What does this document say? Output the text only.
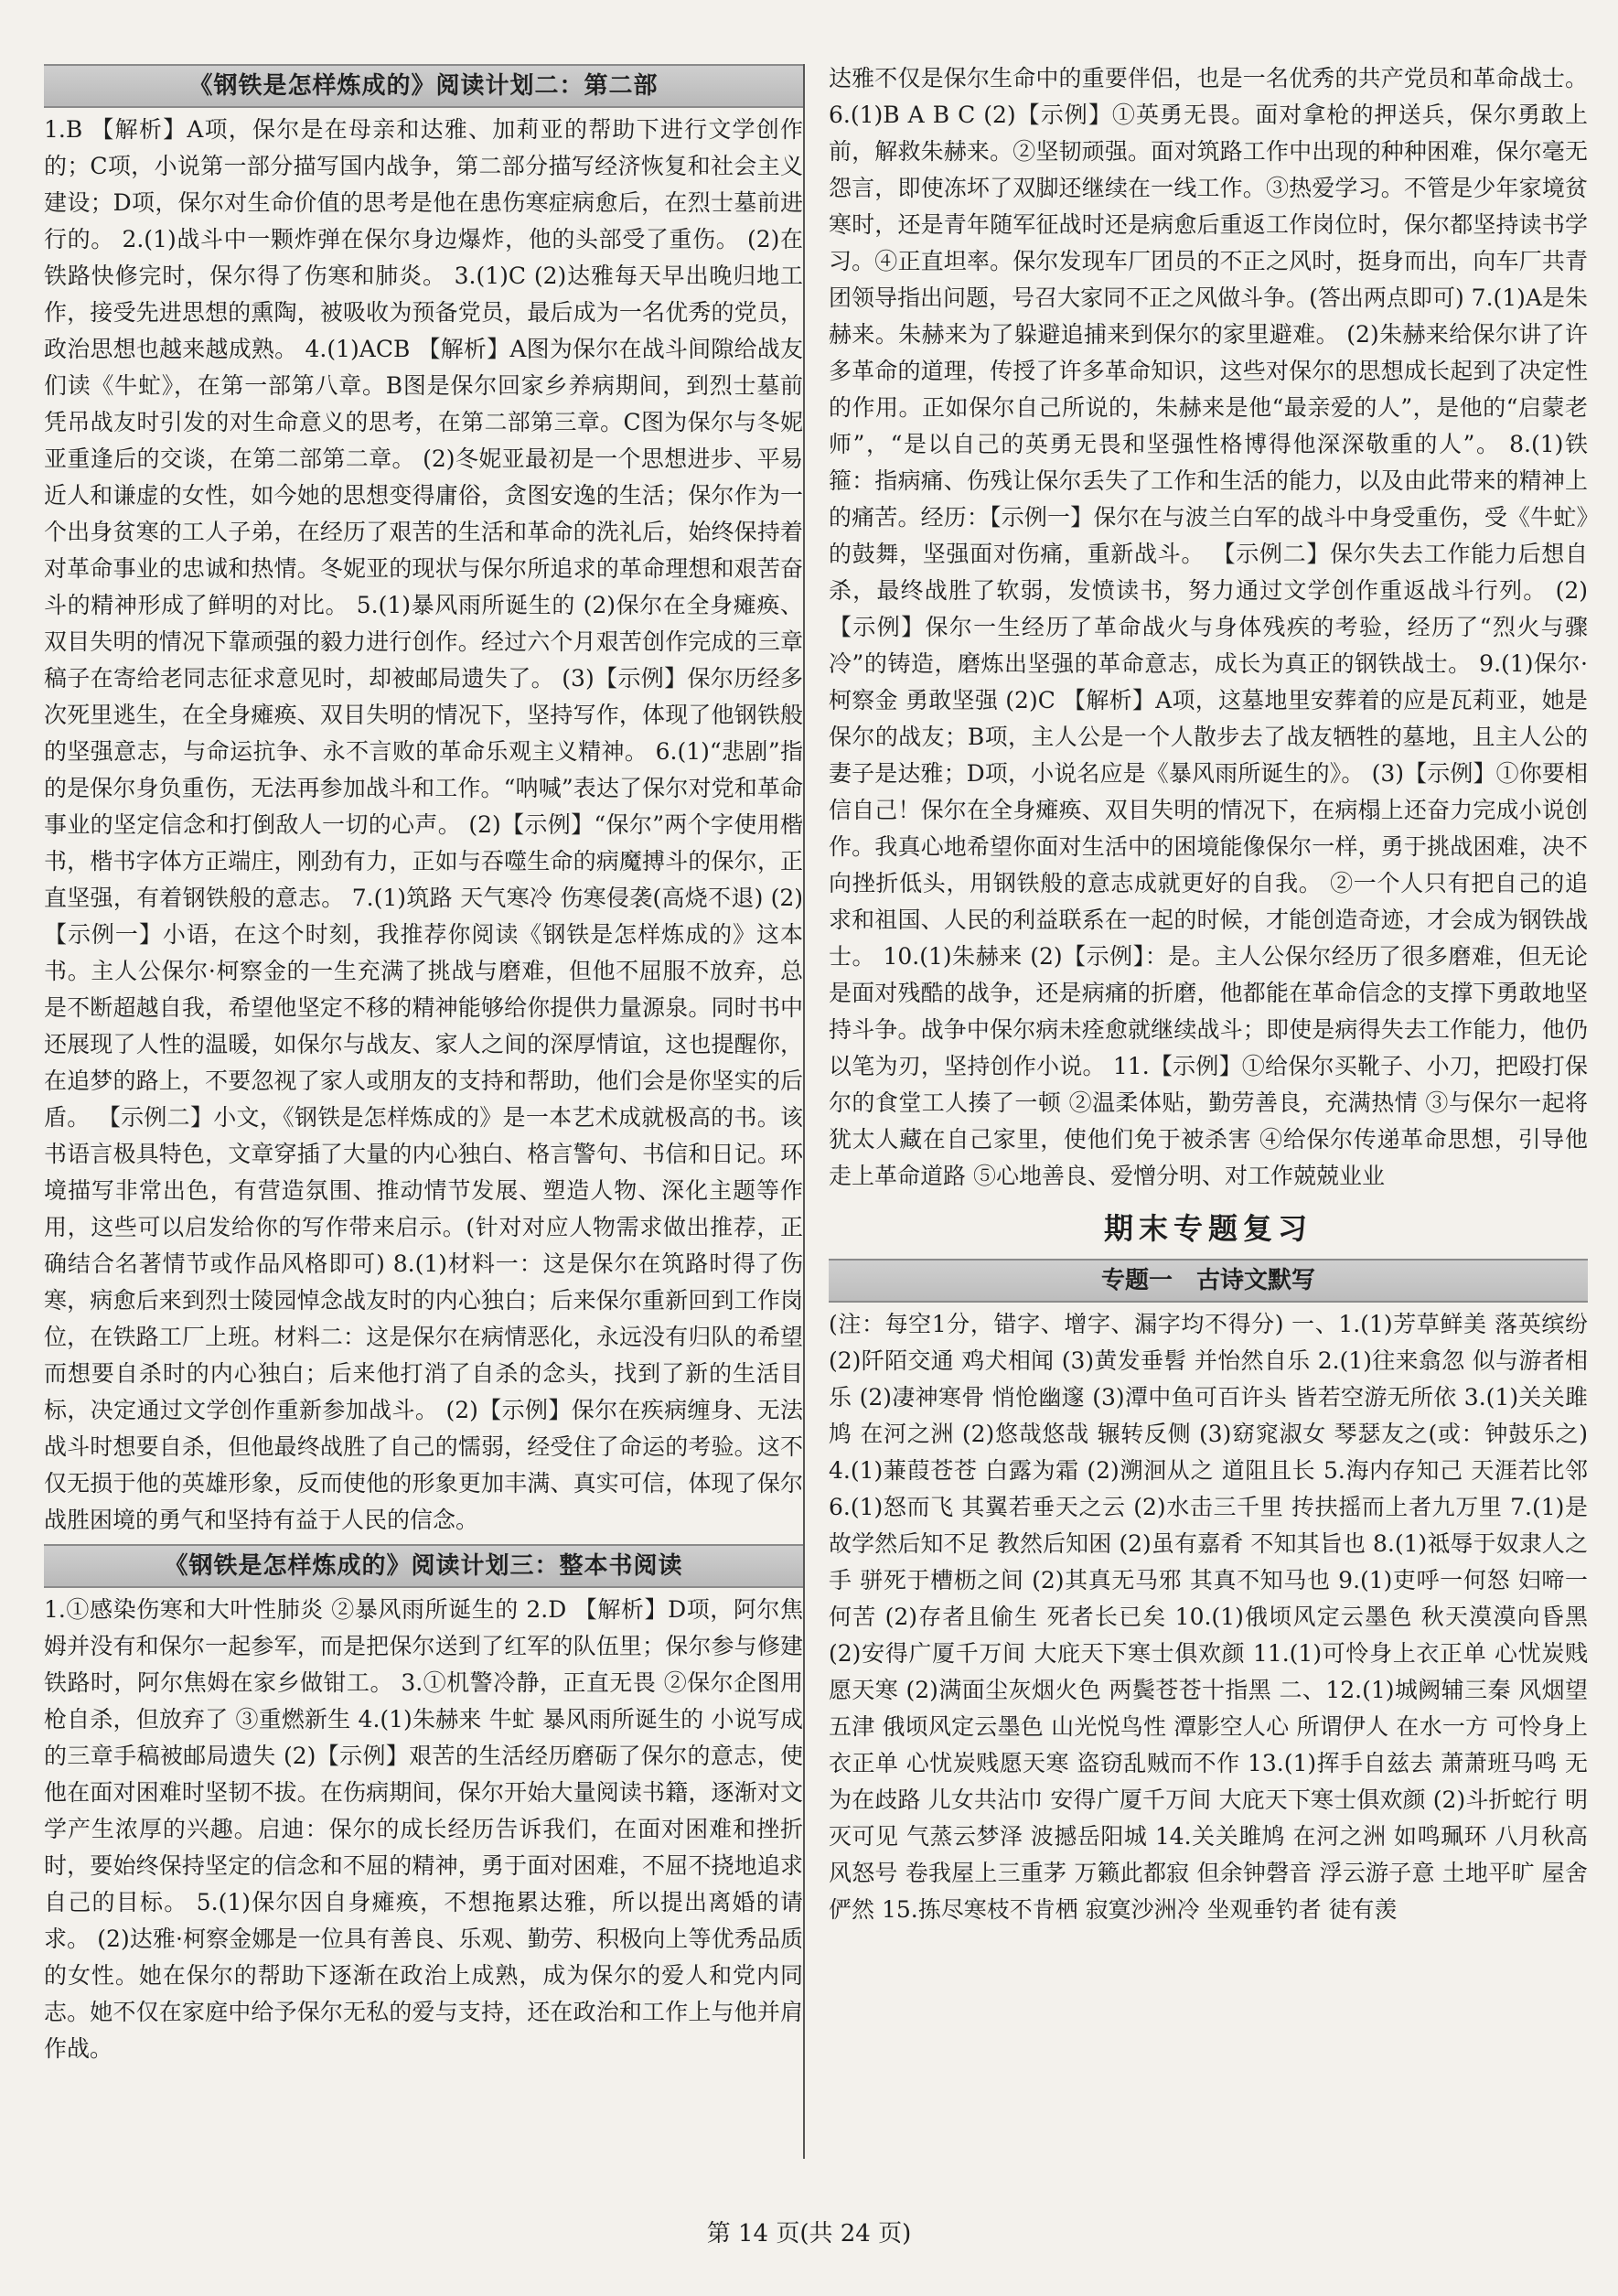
《钢铁是怎样炼成的》阅读计划二：第二部

1.B 【解析】A项，保尔是在母亲和达雅、加莉亚的帮助下进行文学创作的；C项，小说第一部分描写国内战争，第二部分描写经济恢复和社会主义建设；D项，保尔对生命价值的思考是他在患伤寒症病愈后，在烈士墓前进行的。 2.(1)战斗中一颗炸弹在保尔身边爆炸，他的头部受了重伤。 (2)在铁路快修完时，保尔得了伤寒和肺炎。 3.(1)C (2)达雅每天早出晚归地工作，接受先进思想的熏陶，被吸收为预备党员，最后成为一名优秀的党员，政治思想也越来越成熟。 4.(1)ACB 【解析】A图为保尔在战斗间隙给战友们读《牛虻》，在第一部第八章。B图是保尔回家乡养病期间，到烈士墓前凭吊战友时引发的对生命意义的思考，在第二部第三章。C图为保尔与冬妮亚重逢后的交谈，在第二部第二章。 (2)冬妮亚最初是一个思想进步、平易近人和谦虚的女性，如今她的思想变得庸俗，贪图安逸的生活；保尔作为一个出身贫寒的工人子弟，在经历了艰苦的生活和革命的洗礼后，始终保持着对革命事业的忠诚和热情。冬妮亚的现状与保尔所追求的革命理想和艰苦奋斗的精神形成了鲜明的对比。 5.(1)暴风雨所诞生的 (2)保尔在全身瘫痪、双目失明的情况下靠顽强的毅力进行创作。经过六个月艰苦创作完成的三章稿子在寄给老同志征求意见时，却被邮局遗失了。 (3)【示例】保尔历经多次死里逃生，在全身瘫痪、双目失明的情况下，坚持写作，体现了他钢铁般的坚强意志，与命运抗争、永不言败的革命乐观主义精神。 6.(1)“悲剧”指的是保尔身负重伤，无法再参加战斗和工作。“呐喊”表达了保尔对党和革命事业的坚定信念和打倒敌人一切的心声。 (2)【示例】“保尔”两个字使用楷书，楷书字体方正端庄，刚劲有力，正如与吞噬生命的病魔搏斗的保尔，正直坚强，有着钢铁般的意志。 7.(1)筑路 天气寒冷 伤寒侵袭(高烧不退) (2)【示例一】小语，在这个时刻，我推荐你阅读《钢铁是怎样炼成的》这本书。主人公保尔·柯察金的一生充满了挑战与磨难，但他不屈服不放弃，总是不断超越自我，希望他坚定不移的精神能够给你提供力量源泉。同时书中还展现了人性的温暖，如保尔与战友、家人之间的深厚情谊，这也提醒你，在追梦的路上，不要忽视了家人或朋友的支持和帮助，他们会是你坚实的后盾。 【示例二】小文，《钢铁是怎样炼成的》是一本艺术成就极高的书。该书语言极具特色，文章穿插了大量的内心独白、格言警句、书信和日记。环境描写非常出色，有营造氛围、推动情节发展、塑造人物、深化主题等作用，这些可以启发给你的写作带来启示。(针对对应人物需求做出推荐，正确结合名著情节或作品风格即可) 8.(1)材料一：这是保尔在筑路时得了伤寒，病愈后来到烈士陵园悼念战友时的内心独白；后来保尔重新回到工作岗位，在铁路工厂上班。材料二：这是保尔在病情恶化，永远没有归队的希望而想要自杀时的内心独白；后来他打消了自杀的念头，找到了新的生活目标，决定通过文学创作重新参加战斗。 (2)【示例】保尔在疾病缠身、无法战斗时想要自杀，但他最终战胜了自己的懦弱，经受住了命运的考验。这不仅无损于他的英雄形象，反而使他的形象更加丰满、真实可信，体现了保尔战胜困境的勇气和坚持有益于人民的信念。

《钢铁是怎样炼成的》阅读计划三：整本书阅读

1.①感染伤寒和大叶性肺炎 ②暴风雨所诞生的 2.D 【解析】D项，阿尔焦姆并没有和保尔一起参军，而是把保尔送到了红军的队伍里；保尔参与修建铁路时，阿尔焦姆在家乡做钳工。 3.①机警冷静，正直无畏 ②保尔企图用枪自杀，但放弃了 ③重燃新生 4.(1)朱赫来 牛虻 暴风雨所诞生的 小说写成的三章手稿被邮局遗失 (2)【示例】艰苦的生活经历磨砺了保尔的意志，使他在面对困难时坚韧不拔。在伤病期间，保尔开始大量阅读书籍，逐渐对文学产生浓厚的兴趣。启迪：保尔的成长经历告诉我们，在面对困难和挫折时，要始终保持坚定的信念和不屈的精神，勇于面对困难，不屈不挠地追求自己的目标。 5.(1)保尔因自身瘫痪，不想拖累达雅，所以提出离婚的请求。 (2)达雅·柯察金娜是一位具有善良、乐观、勤劳、积极向上等优秀品质的女性。她在保尔的帮助下逐渐在政治上成熟，成为保尔的爱人和党内同志。她不仅在家庭中给予保尔无私的爱与支持，还在政治和工作上与他并肩作战。

达雅不仅是保尔生命中的重要伴侣，也是一名优秀的共产党员和革命战士。 6.(1)B A B C (2)【示例】①英勇无畏。面对拿枪的押送兵，保尔勇敢上前，解救朱赫来。②坚韧顽强。面对筑路工作中出现的种种困难，保尔毫无怨言，即使冻坏了双脚还继续在一线工作。③热爱学习。不管是少年家境贫寒时，还是青年随军征战时还是病愈后重返工作岗位时，保尔都坚持读书学习。④正直坦率。保尔发现车厂团员的不正之风时，挺身而出，向车厂共青团领导指出问题，号召大家同不正之风做斗争。(答出两点即可) 7.(1)A是朱赫来。朱赫来为了躲避追捕来到保尔的家里避难。 (2)朱赫来给保尔讲了许多革命的道理，传授了许多革命知识，这些对保尔的思想成长起到了决定性的作用。正如保尔自己所说的，朱赫来是他“最亲爱的人”，是他的“启蒙老师”，“是以自己的英勇无畏和坚强性格博得他深深敬重的人”。 8.(1)铁箍：指病痛、伤残让保尔丢失了工作和生活的能力，以及由此带来的精神上的痛苦。经历：【示例一】保尔在与波兰白军的战斗中身受重伤，受《牛虻》的鼓舞，坚强面对伤痛，重新战斗。 【示例二】保尔失去工作能力后想自杀，最终战胜了软弱，发愤读书，努力通过文学创作重返战斗行列。 (2)【示例】保尔一生经历了革命战火与身体残疾的考验，经历了“烈火与骤冷”的铸造，磨炼出坚强的革命意志，成长为真正的钢铁战士。 9.(1)保尔·柯察金 勇敢坚强 (2)C 【解析】A项，这墓地里安葬着的应是瓦莉亚，她是保尔的战友；B项，主人公是一个人散步去了战友牺牲的墓地，且主人公的妻子是达雅；D项，小说名应是《暴风雨所诞生的》。 (3)【示例】①你要相信自己！保尔在全身瘫痪、双目失明的情况下，在病榻上还奋力完成小说创作。我真心地希望你面对生活中的困境能像保尔一样，勇于挑战困难，决不向挫折低头，用钢铁般的意志成就更好的自我。 ②一个人只有把自己的追求和祖国、人民的利益联系在一起的时候，才能创造奇迹，才会成为钢铁战士。 10.(1)朱赫来 (2)【示例】：是。主人公保尔经历了很多磨难，但无论是面对残酷的战争，还是病痛的折磨，他都能在革命信念的支撑下勇敢地坚持斗争。战争中保尔病未痊愈就继续战斗；即使是病得失去工作能力，他仍以笔为刃，坚持创作小说。 11.【示例】①给保尔买靴子、小刀，把殴打保尔的食堂工人揍了一顿 ②温柔体贴，勤劳善良，充满热情 ③与保尔一起将犹太人藏在自己家里，使他们免于被杀害 ④给保尔传递革命思想，引导他走上革命道路 ⑤心地善良、爱憎分明、对工作兢兢业业

期末专题复习
专题一　古诗文默写

(注：每空1分，错字、增字、漏字均不得分) 一、1.(1)芳草鲜美 落英缤纷 (2)阡陌交通 鸡犬相闻 (3)黄发垂髫 并怡然自乐 2.(1)往来翕忽 似与游者相乐 (2)凄神寒骨 悄怆幽邃 (3)潭中鱼可百许头 皆若空游无所依 3.(1)关关雎鸠 在河之洲 (2)悠哉悠哉 辗转反侧 (3)窈窕淑女 琴瑟友之(或：钟鼓乐之) 4.(1)蒹葭苍苍 白露为霜 (2)溯洄从之 道阻且长 5.海内存知己 天涯若比邻 6.(1)怒而飞 其翼若垂天之云 (2)水击三千里 抟扶摇而上者九万里 7.(1)是故学然后知不足 教然后知困 (2)虽有嘉肴 不知其旨也 8.(1)祗辱于奴隶人之手 骈死于槽枥之间 (2)其真无马邪 其真不知马也 9.(1)吏呼一何怒 妇啼一何苦 (2)存者且偷生 死者长已矣 10.(1)俄顷风定云墨色 秋天漠漠向昏黑 (2)安得广厦千万间 大庇天下寒士俱欢颜 11.(1)可怜身上衣正单 心忧炭贱愿天寒 (2)满面尘灰烟火色 两鬓苍苍十指黑 二、12.(1)城阙辅三秦 风烟望五津 俄顷风定云墨色 山光悦鸟性 潭影空人心 所谓伊人 在水一方 可怜身上衣正单 心忧炭贱愿天寒 盗窃乱贼而不作 13.(1)挥手自兹去 萧萧班马鸣 无为在歧路 儿女共沾巾 安得广厦千万间 大庇天下寒士俱欢颜 (2)斗折蛇行 明灭可见 气蒸云梦泽 波撼岳阳城 14.关关雎鸠 在河之洲 如鸣珮环 八月秋高风怒号 卷我屋上三重茅 万籁此都寂 但余钟磬音 浮云游子意 土地平旷 屋舍俨然 15.拣尽寒枝不肯栖 寂寞沙洲冷 坐观垂钓者 徒有羡

第 14 页(共 24 页)
